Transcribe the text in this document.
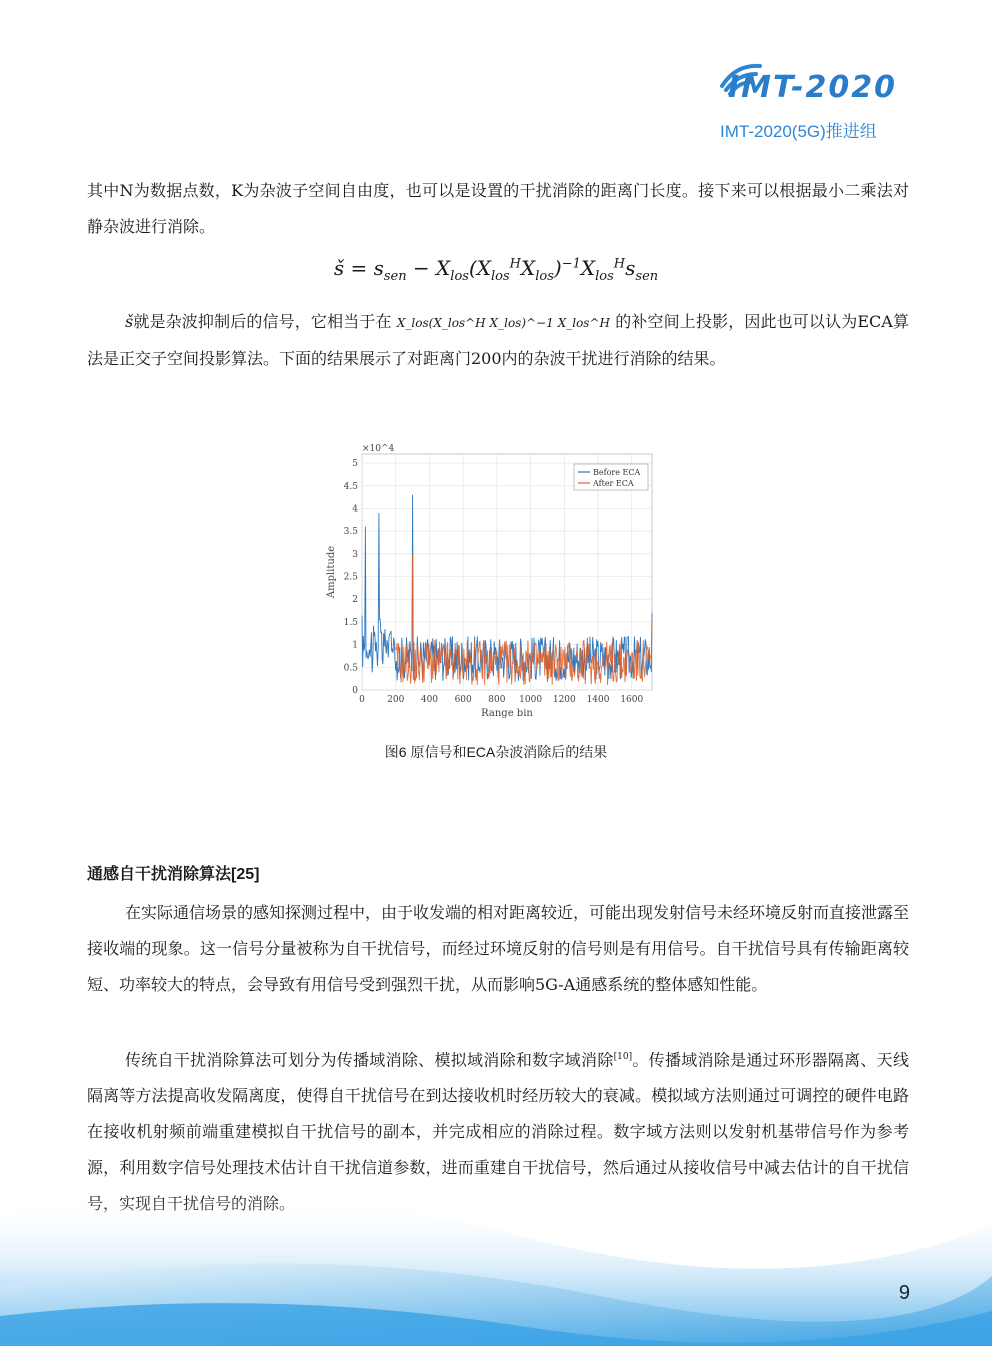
IMT-2020
IMT-2020(5G)推进组
其中N为数据点数，K为杂波子空间自由度，也可以是设置的干扰消除的距离门长度。接下来可以根据最小二乘法对静杂波进行消除。
š = $s_{sen} - X_{los}(X_{los}^HX_{los})^{-1}X_{los}^Hs_{sen}$
š就是杂波抑制后的信号，它相当于在 X_los(X_los^H X_los)^−1 X_los^H 的补空间上投影，因此也可以认为ECA算法是正交子空间投影算法。下面的结果展示了对距离门200内的杂波干扰进行消除的结果。
0 200 400 600 800 1000 1200 1400 1600
0
0.5
1
1.5
2
2.5
3
3.5
4
4.5
5
×10^4
Range bin
Amplitude
Before ECA
After ECA
图6 原信号和ECA杂波消除后的结果
通感自干扰消除算法[25]
在实际通信场景的感知探测过程中，由于收发端的相对距离较近，可能出现发射信号未经环境反射而直接泄露至接收端的现象。这一信号分量被称为自干扰信号，而经过环境反射的信号则是有用信号。自干扰信号具有传输距离较短、功率较大的特点，会导致有用信号受到强烈干扰，从而影响5G-A通感系统的整体感知性能。
传统自干扰消除算法可划分为传播域消除、模拟域消除和数字域消除[10]。传播域消除是通过环形器隔离、天线隔离等方法提高收发隔离度，使得自干扰信号在到达接收机时经历较大的衰减。模拟域方法则通过可调控的硬件电路在接收机射频前端重建模拟自干扰信号的副本，并完成相应的消除过程。数字域方法则以发射机基带信号作为参考源，利用数字信号处理技术估计自干扰信道参数，进而重建自干扰信号，然后通过从接收信号中减去估计的自干扰信
9
